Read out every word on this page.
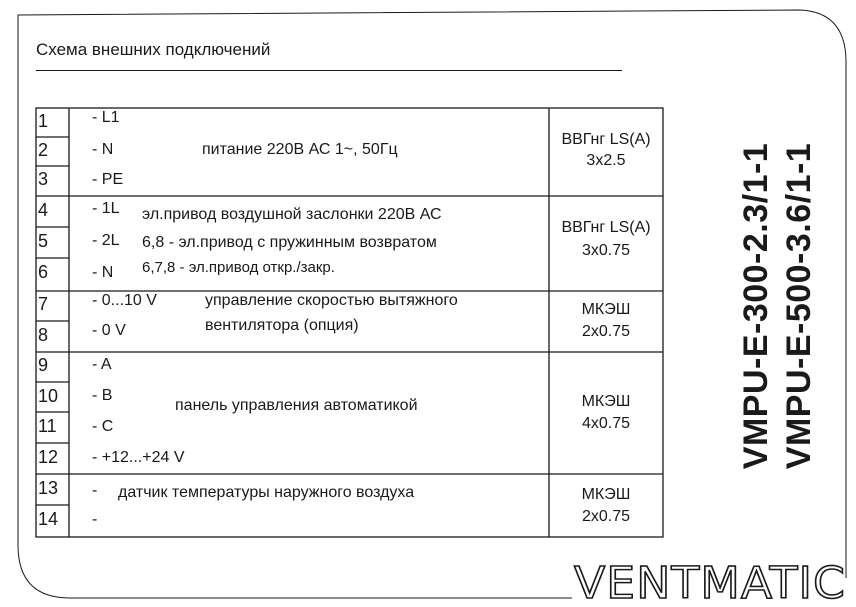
Схема внешних подключений
1
2
3
4
5
6
7
8
9
10
11
12
13
14
- L1
- N
- PE
- 1L
- 2L
- N
- 0...10 V
- 0 V
- A
- B
- C
- +12...+24 V
-
-
питание 220В АС 1~, 50Гц
эл.привод воздушной заслонки 220В АС
6,8 - эл.привод с пружинным возвратом
6,7,8 - эл.привод откр./закр.
управление скоростью вытяжного
вентилятора (опция)
панель управления автоматикой
датчик температуры наружного воздуха
ВВГнг LS(A)
3x2.5
ВВГнг LS(A)
3x0.75
МКЭШ
2x0.75
МКЭШ
4x0.75
МКЭШ
2x0.75
VMPU-E-300-2.3/1-1 VMPU-E-500-3.6/1-1
VENTMATIC
